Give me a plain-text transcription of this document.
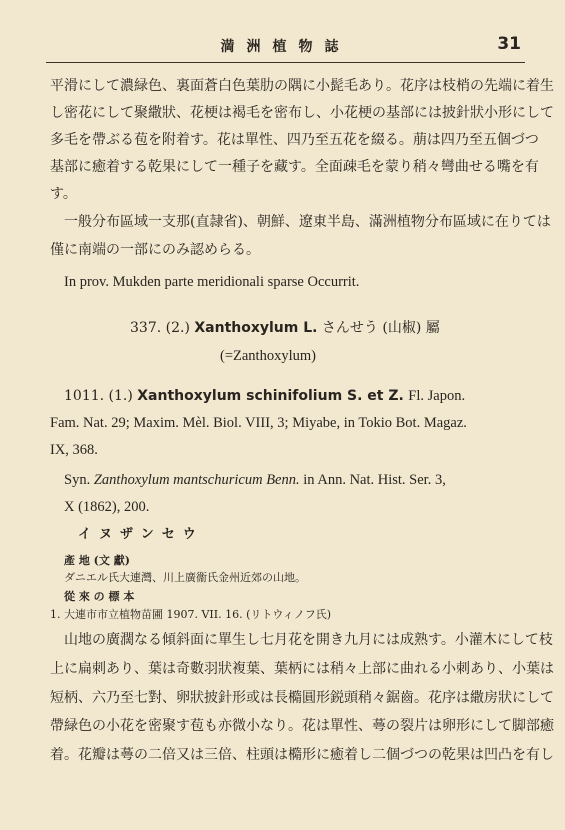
満洲植物誌	31
平滑にして濃緑色、裏面蒼白色葉肋の隅に小髭毛あり。花序は枝梢の先端に着生
し密花にして聚繖狀、花梗は褐毛を密布し、小花梗の基部には披針狀小形にして
多毛を帶ぶる苞を附着す。花は單性、四乃至五花を綴る。萠は四乃至五個づつ
基部に癒着する乾果にして一種子を藏す。全面疎毛を蒙り稍々彎曲せる嘴を有
す。
一般分布區域一支那(直隷省)、朝鮮、遼東半島、滿洲植物分布區域に在りては
僅に南端の一部にのみ認めらる。
In prov. Mukden parte meridionali sparse Occurrit.
337. (2.) Xanthoxylum L. さんせう (山椒) 屬
(=Zanthoxylum)
1011. (1.) Xanthoxylum schinifolium S. et Z. Fl. Japon.
Fam. Nat. 29; Maxim. Mèl. Biol. VIII, 3; Miyabe, in Tokio Bot. Magaz.
IX, 368.
Syn. Zanthoxylum mantschuricum Benn. in Ann. Nat. Hist. Ser. 3,
X (1862), 200.
イヌザンセウ
產 地 (文 獻)
ダニエル氏大連灣、川上廣衞氏金州近郊の山地。
從 來 の 標 本
1. 大連市市立植物苗圃 1907. VII. 16. (リトウィノフ氏)
山地の廣濶なる傾斜面に單生し七月花を開き九月には成熟す。小灌木にして枝
上に扁刺あり、葉は奇數羽狀複葉、葉柄には稍々上部に曲れる小刺あり、小葉は
短柄、六乃至七對、卵狀披針形或は長橢圓形鋭頭稍々鋸齒。花序は繖房狀にして
帶緑色の小花を密聚す苞も亦微小なり。花は單性、蕚の裂片は卵形にして脚部癒
着。花瓣は蕚の二倍又は三倍、柱頭は橢形に癒着し二個づつの乾果は凹凸を有し
